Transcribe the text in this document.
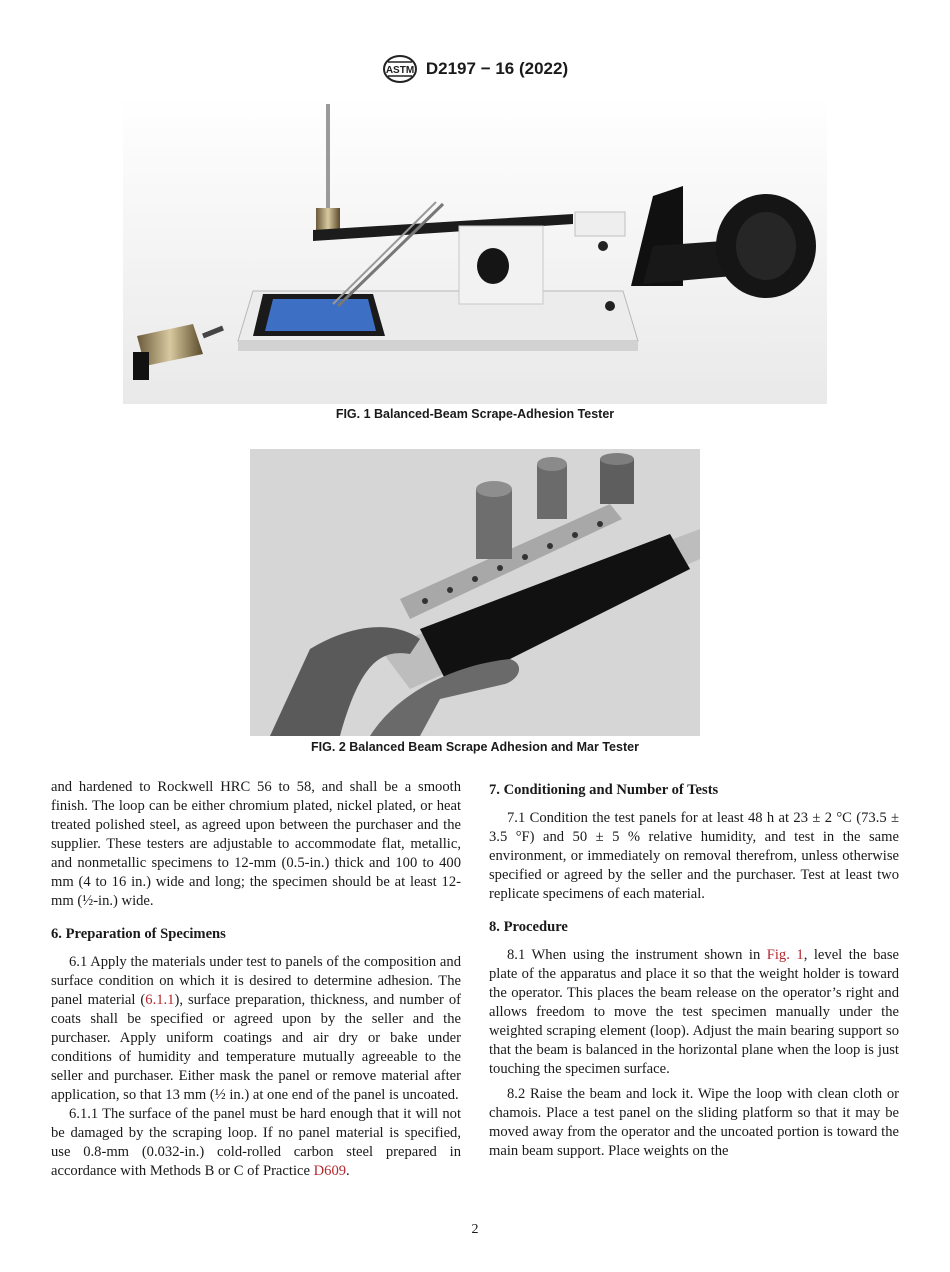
ASTM D2197 − 16 (2022)
FIG. 1 Balanced-Beam Scrape-Adhesion Tester
FIG. 2 Balanced Beam Scrape Adhesion and Mar Tester

and hardened to Rockwell HRC 56 to 58, and shall be a smooth finish. The loop can be either chromium plated, nickel plated, or heat treated polished steel, as agreed upon between the purchaser and the supplier. These testers are adjustable to accommodate flat, metallic, and nonmetallic specimens to 12-mm (0.5-in.) thick and 100 to 400 mm (4 to 16 in.) wide and long; the specimen should be at least 12-mm (½-in.) wide.

6. Preparation of Specimens

6.1 Apply the materials under test to panels of the composition and surface condition on which it is desired to determine adhesion. The panel material (6.1.1), surface preparation, thickness, and number of coats shall be specified or agreed upon by the seller and the purchaser. Apply uniform coatings and air dry or bake under conditions of humidity and temperature mutually agreeable to the seller and purchaser. Either mask the panel or remove material after application, so that 13 mm (½ in.) at one end of the panel is uncoated.

6.1.1 The surface of the panel must be hard enough that it will not be damaged by the scraping loop. If no panel material is specified, use 0.8-mm (0.032-in.) cold-rolled carbon steel prepared in accordance with Methods B or C of Practice D609.

7. Conditioning and Number of Tests

7.1 Condition the test panels for at least 48 h at 23 ± 2 °C (73.5 ± 3.5 °F) and 50 ± 5 % relative humidity, and test in the same environment, or immediately on removal therefrom, unless otherwise specified or agreed by the seller and the purchaser. Test at least two replicate specimens of each material.

8. Procedure

8.1 When using the instrument shown in Fig. 1, level the base plate of the apparatus and place it so that the weight holder is toward the operator. This places the beam release on the operator’s right and allows freedom to move the test specimen manually under the weighted scraping element (loop). Adjust the main bearing support so that the beam is balanced in the horizontal plane when the loop is just touching the specimen surface.

8.2 Raise the beam and lock it. Wipe the loop with clean cloth or chamois. Place a test panel on the sliding platform so that it may be moved away from the operator and the uncoated portion is toward the main beam support. Place weights on the

2
